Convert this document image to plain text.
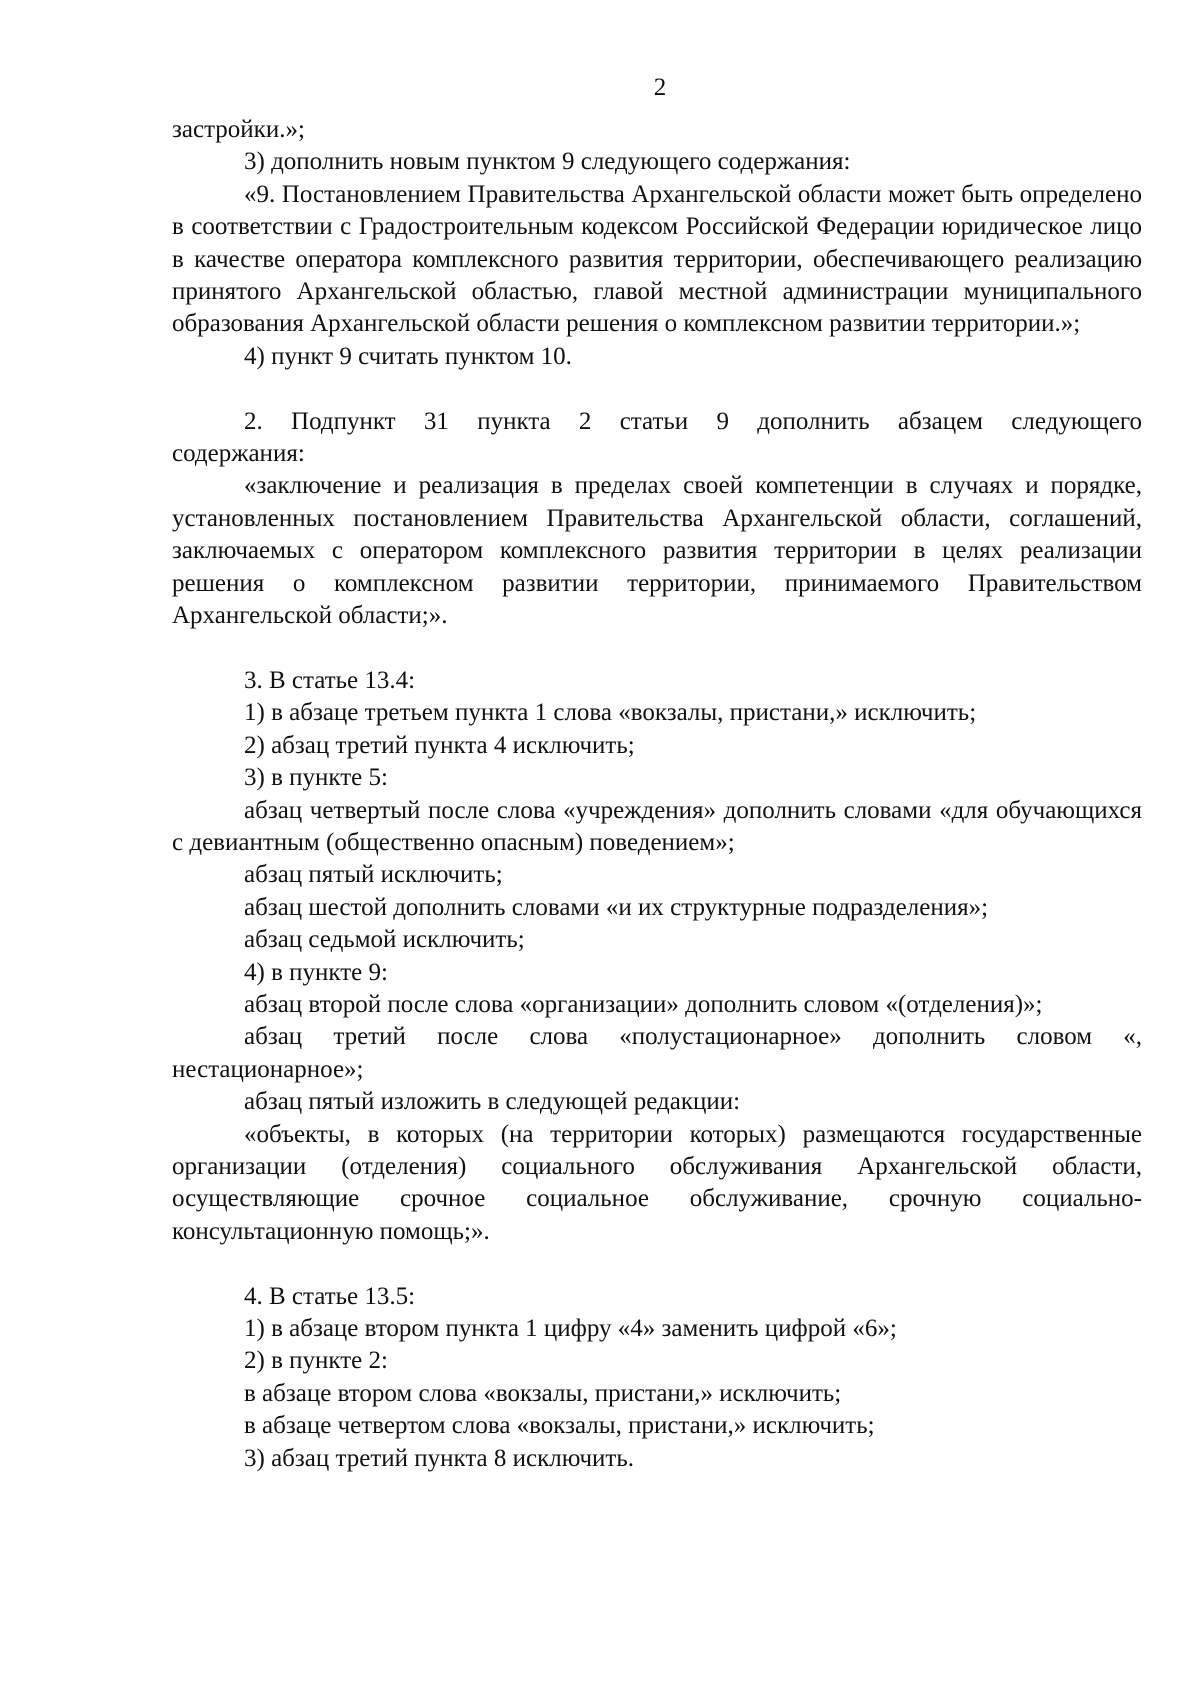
2

застройки.»;

3) дополнить новым пунктом 9 следующего содержания:

«9. Постановлением Правительства Архангельской области может быть определено в соответствии с Градостроительным кодексом Российской Федерации юридическое лицо в качестве оператора комплексного развития территории, обеспечивающего реализацию принятого Архангельской областью, главой местной администрации муниципального образования Архангельской области решения о комплексном развитии территории.»;

4) пункт 9 считать пунктом 10.

2. Подпункт 31 пункта 2 статьи 9 дополнить абзацем следующего содержания:

«заключение и реализация в пределах своей компетенции в случаях и порядке, установленных постановлением Правительства Архангельской области, соглашений, заключаемых с оператором комплексного развития территории в целях реализации решения о комплексном развитии территории, принимаемого Правительством Архангельской области;».

3. В статье 13.4:

1) в абзаце третьем пункта 1 слова «вокзалы, пристани,» исключить;

2) абзац третий пункта 4 исключить;

3) в пункте 5:

абзац четвертый после слова «учреждения» дополнить словами «для обучающихся с девиантным (общественно опасным) поведением»;

абзац пятый исключить;

абзац шестой дополнить словами «и их структурные подразделения»;

абзац седьмой исключить;

4) в пункте 9:

абзац второй после слова «организации» дополнить словом «(отделения)»;

абзац третий после слова «полустационарное» дополнить словом «, нестационарное»;

абзац пятый изложить в следующей редакции:

«объекты, в которых (на территории которых) размещаются государственные организации (отделения) социального обслуживания Архангельской области, осуществляющие срочное социальное обслуживание, срочную социально-консультационную помощь;».

4. В статье 13.5:

1) в абзаце втором пункта 1 цифру «4» заменить цифрой «6»;

2) в пункте 2:

в абзаце втором слова «вокзалы, пристани,» исключить;

в абзаце четвертом слова «вокзалы, пристани,» исключить;

3) абзац третий пункта 8 исключить.
